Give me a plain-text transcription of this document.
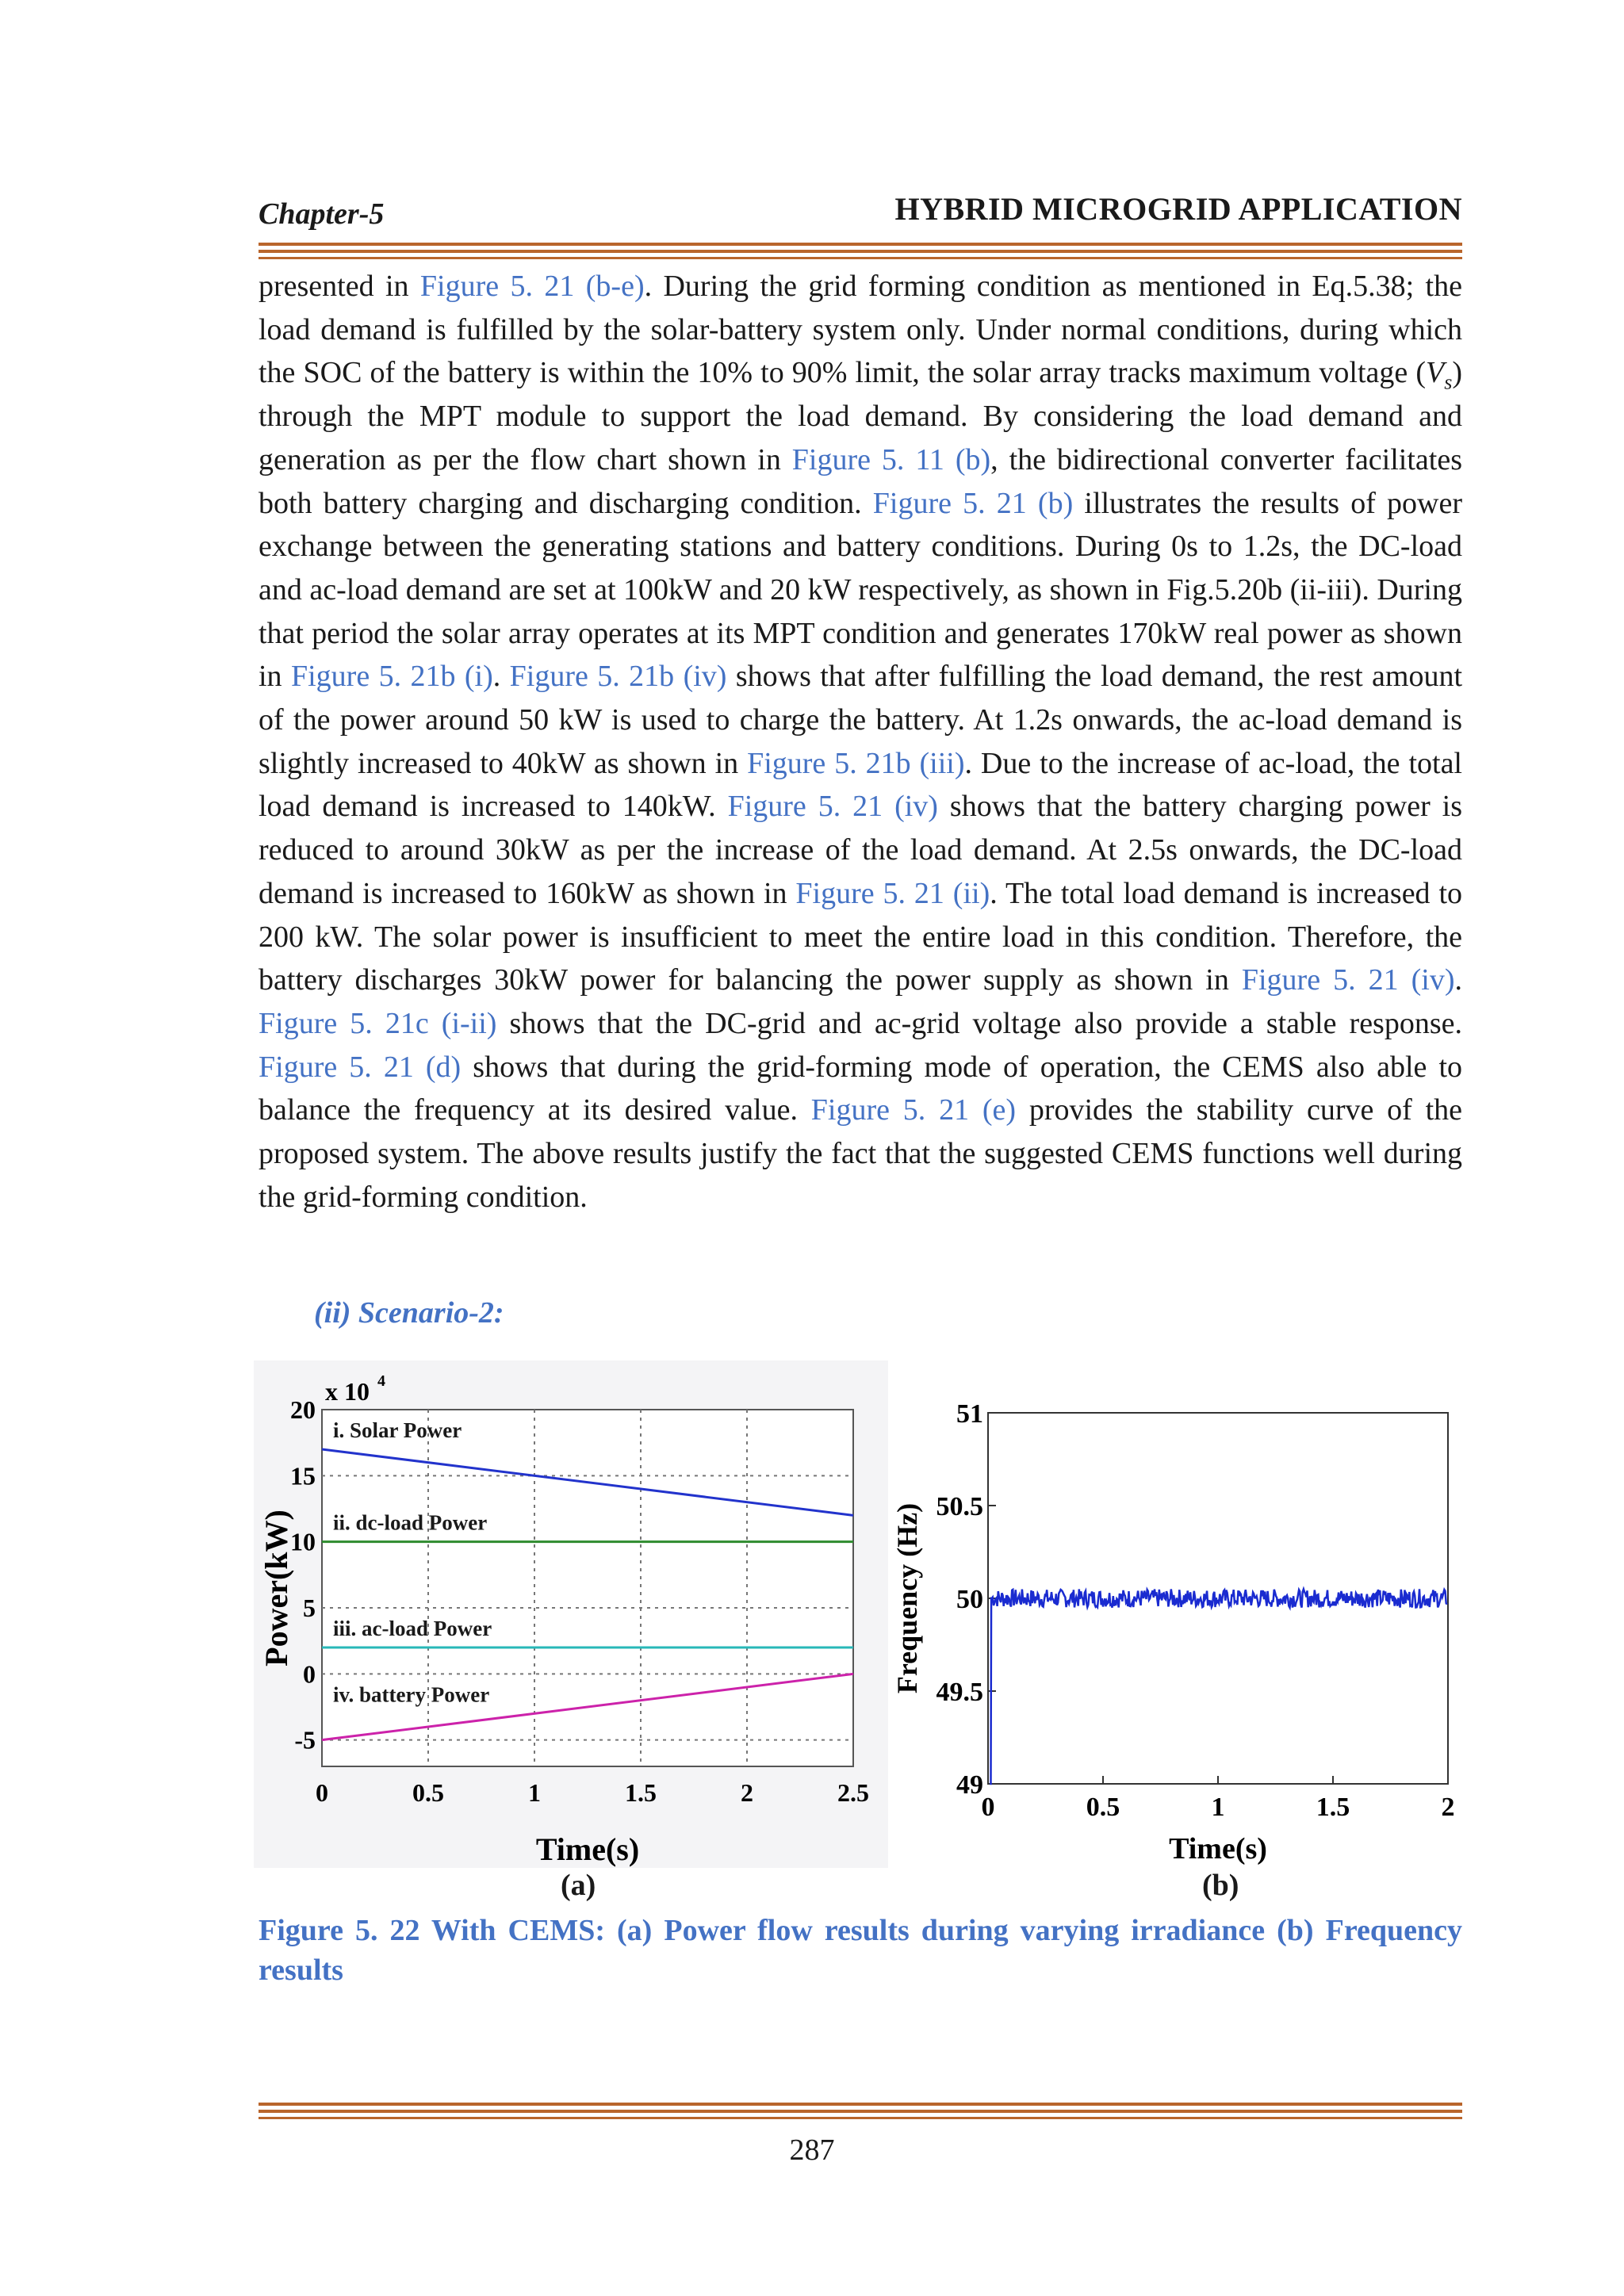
Chapter-5	HYBRID MICROGRID APPLICATION
presented in Figure 5. 21 (b-e). During the grid forming condition as mentioned in Eq.5.38; the load demand is fulfilled by the solar-battery system only. Under normal conditions, during which the SOC of the battery is within the 10% to 90% limit, the solar array tracks maximum voltage $(V_s)$ through the MPT module to support the load demand. By considering the load demand and generation as per the flow chart shown in Figure 5. 11 (b), the bidirectional converter facilitates both battery charging and discharging condition. Figure 5. 21 (b) illustrates the results of power exchange between the generating stations and battery conditions. During 0s to 1.2s, the DC-load and ac-load demand are set at 100kW and 20 kW respectively, as shown in Fig.5.20b (ii-iii). During that period the solar array operates at its MPT condition and generates 170kW real power as shown in Figure 5. 21b (i). Figure 5. 21b (iv) shows that after fulfilling the load demand, the rest amount of the power around 50 kW is used to charge the battery. At 1.2s onwards, the ac-load demand is slightly increased to 40kW as shown in Figure 5. 21b (iii). Due to the increase of ac-load, the total load demand is increased to 140kW. Figure 5. 21 (iv) shows that the battery charging power is reduced to around 30kW as per the increase of the load demand. At 2.5s onwards, the DC-load demand is increased to 160kW as shown in Figure 5. 21 (ii). The total load demand is increased to 200 kW. The solar power is insufficient to meet the entire load in this condition. Therefore, the battery discharges 30kW power for balancing the power supply as shown in Figure 5. 21 (iv). Figure 5. 21c (i-ii) shows that the DC-grid and ac-grid voltage also provide a stable response. Figure 5. 21 (d) shows that during the grid-forming mode of operation, the CEMS also able to balance the frequency at its desired value. Figure 5. 21 (e) provides the stability curve of the proposed system. The above results justify the fact that the suggested CEMS functions well during the grid-forming condition.
(ii) Scenario-2:
0	0.5	1	1.5	2	2.5
20
15
10
5
0
-5
x 10 4
i. Solar Power
ii. dc-load Power
iii. ac-load Power
iv. battery Power
Time(s)
Power(kW)
0	0.5	1	1.5	2
51
50.5
50
49.5
49
Time(s)
Frequency (Hz)
(a)	(b)
Figure 5. 22 With CEMS: (a) Power flow results during varying irradiance (b) Frequency results
287
